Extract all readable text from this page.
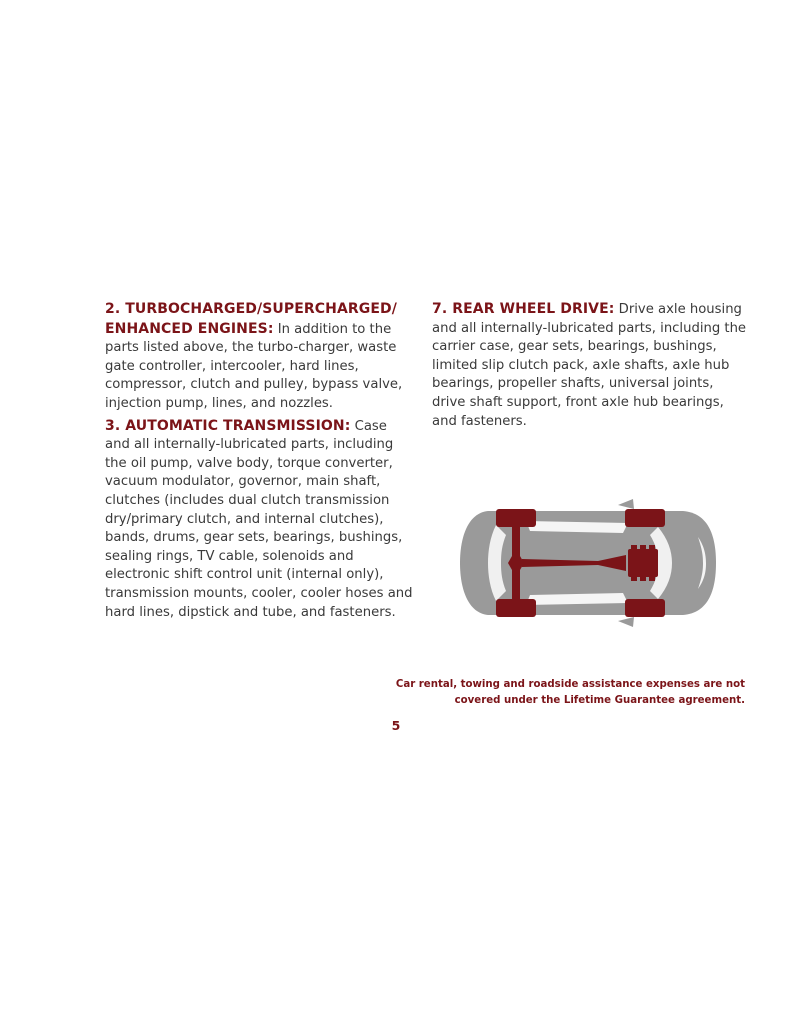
2. TURBOCHARGED/SUPERCHARGED/ ENHANCED ENGINES: In addition to the parts listed above, the turbo-charger, waste gate controller, intercooler, hard lines, compressor, clutch and pulley, bypass valve, injection pump, lines, and nozzles.

3. AUTOMATIC TRANSMISSION: Case and all internally-lubricated parts, including the oil pump, valve body, torque converter, vacuum modulator, governor, main shaft, clutches (includes dual clutch transmission dry/primary clutch, and internal clutches), bands, drums, gear sets, bearings, bushings, sealing rings, TV cable, solenoids and electronic shift control unit (internal only), transmission mounts, cooler, cooler hoses and hard lines, dipstick and tube, and fasteners.

7. REAR WHEEL DRIVE: Drive axle housing and all internally-lubricated parts, including the carrier case, gear sets, bearings, bushings, limited slip clutch pack, axle shafts, axle hub bearings, propeller shafts, universal joints, drive shaft support, front axle hub bearings, and fasteners.

Car rental, towing and roadside assistance expenses are not
covered under the Lifetime Guarantee agreement.
5
